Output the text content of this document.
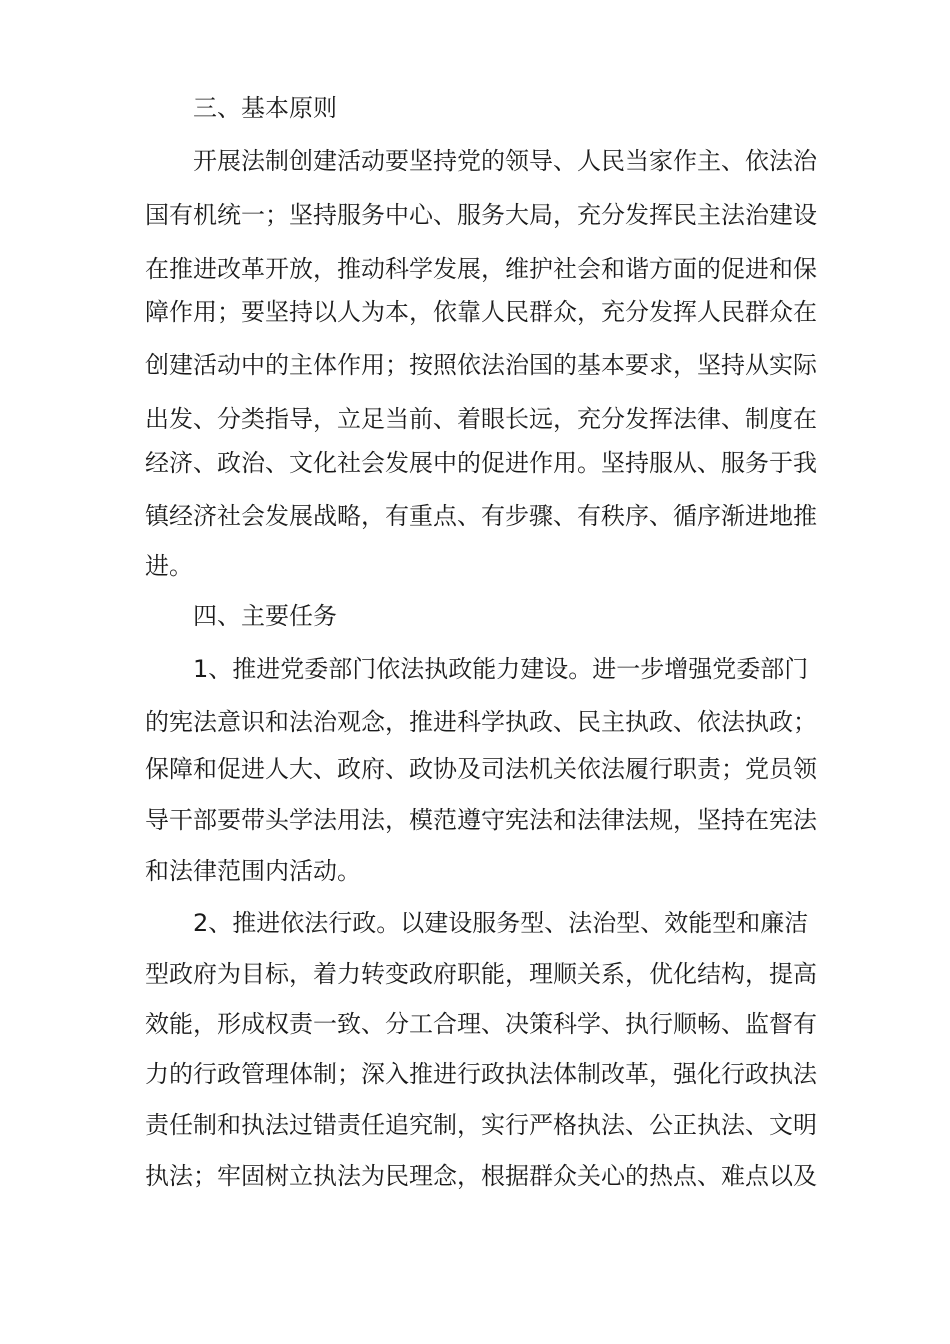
三、基本原则

开展法制创建活动要坚持党的领导、人民当家作主、依法治

国有机统一；坚持服务中心、服务大局，充分发挥民主法治建设

在推进改革开放，推动科学发展，维护社会和谐方面的促进和保

障作用；要坚持以人为本，依靠人民群众，充分发挥人民群众在

创建活动中的主体作用；按照依法治国的基本要求，坚持从实际

出发、分类指导，立足当前、着眼长远，充分发挥法律、制度在

经济、政治、文化社会发展中的促进作用。坚持服从、服务于我

镇经济社会发展战略，有重点、有步骤、有秩序、循序渐进地推

进。

四、主要任务

1、推进党委部门依法执政能力建设。进一步增强党委部门

的宪法意识和法治观念，推进科学执政、民主执政、依法执政；

保障和促进人大、政府、政协及司法机关依法履行职责；党员领

导干部要带头学法用法，模范遵守宪法和法律法规，坚持在宪法

和法律范围内活动。

2、推进依法行政。以建设服务型、法治型、效能型和廉洁

型政府为目标，着力转变政府职能，理顺关系，优化结构，提高

效能，形成权责一致、分工合理、决策科学、执行顺畅、监督有

力的行政管理体制；深入推进行政执法体制改革，强化行政执法

责任制和执法过错责任追究制，实行严格执法、公正执法、文明

执法；牢固树立执法为民理念，根据群众关心的热点、难点以及
